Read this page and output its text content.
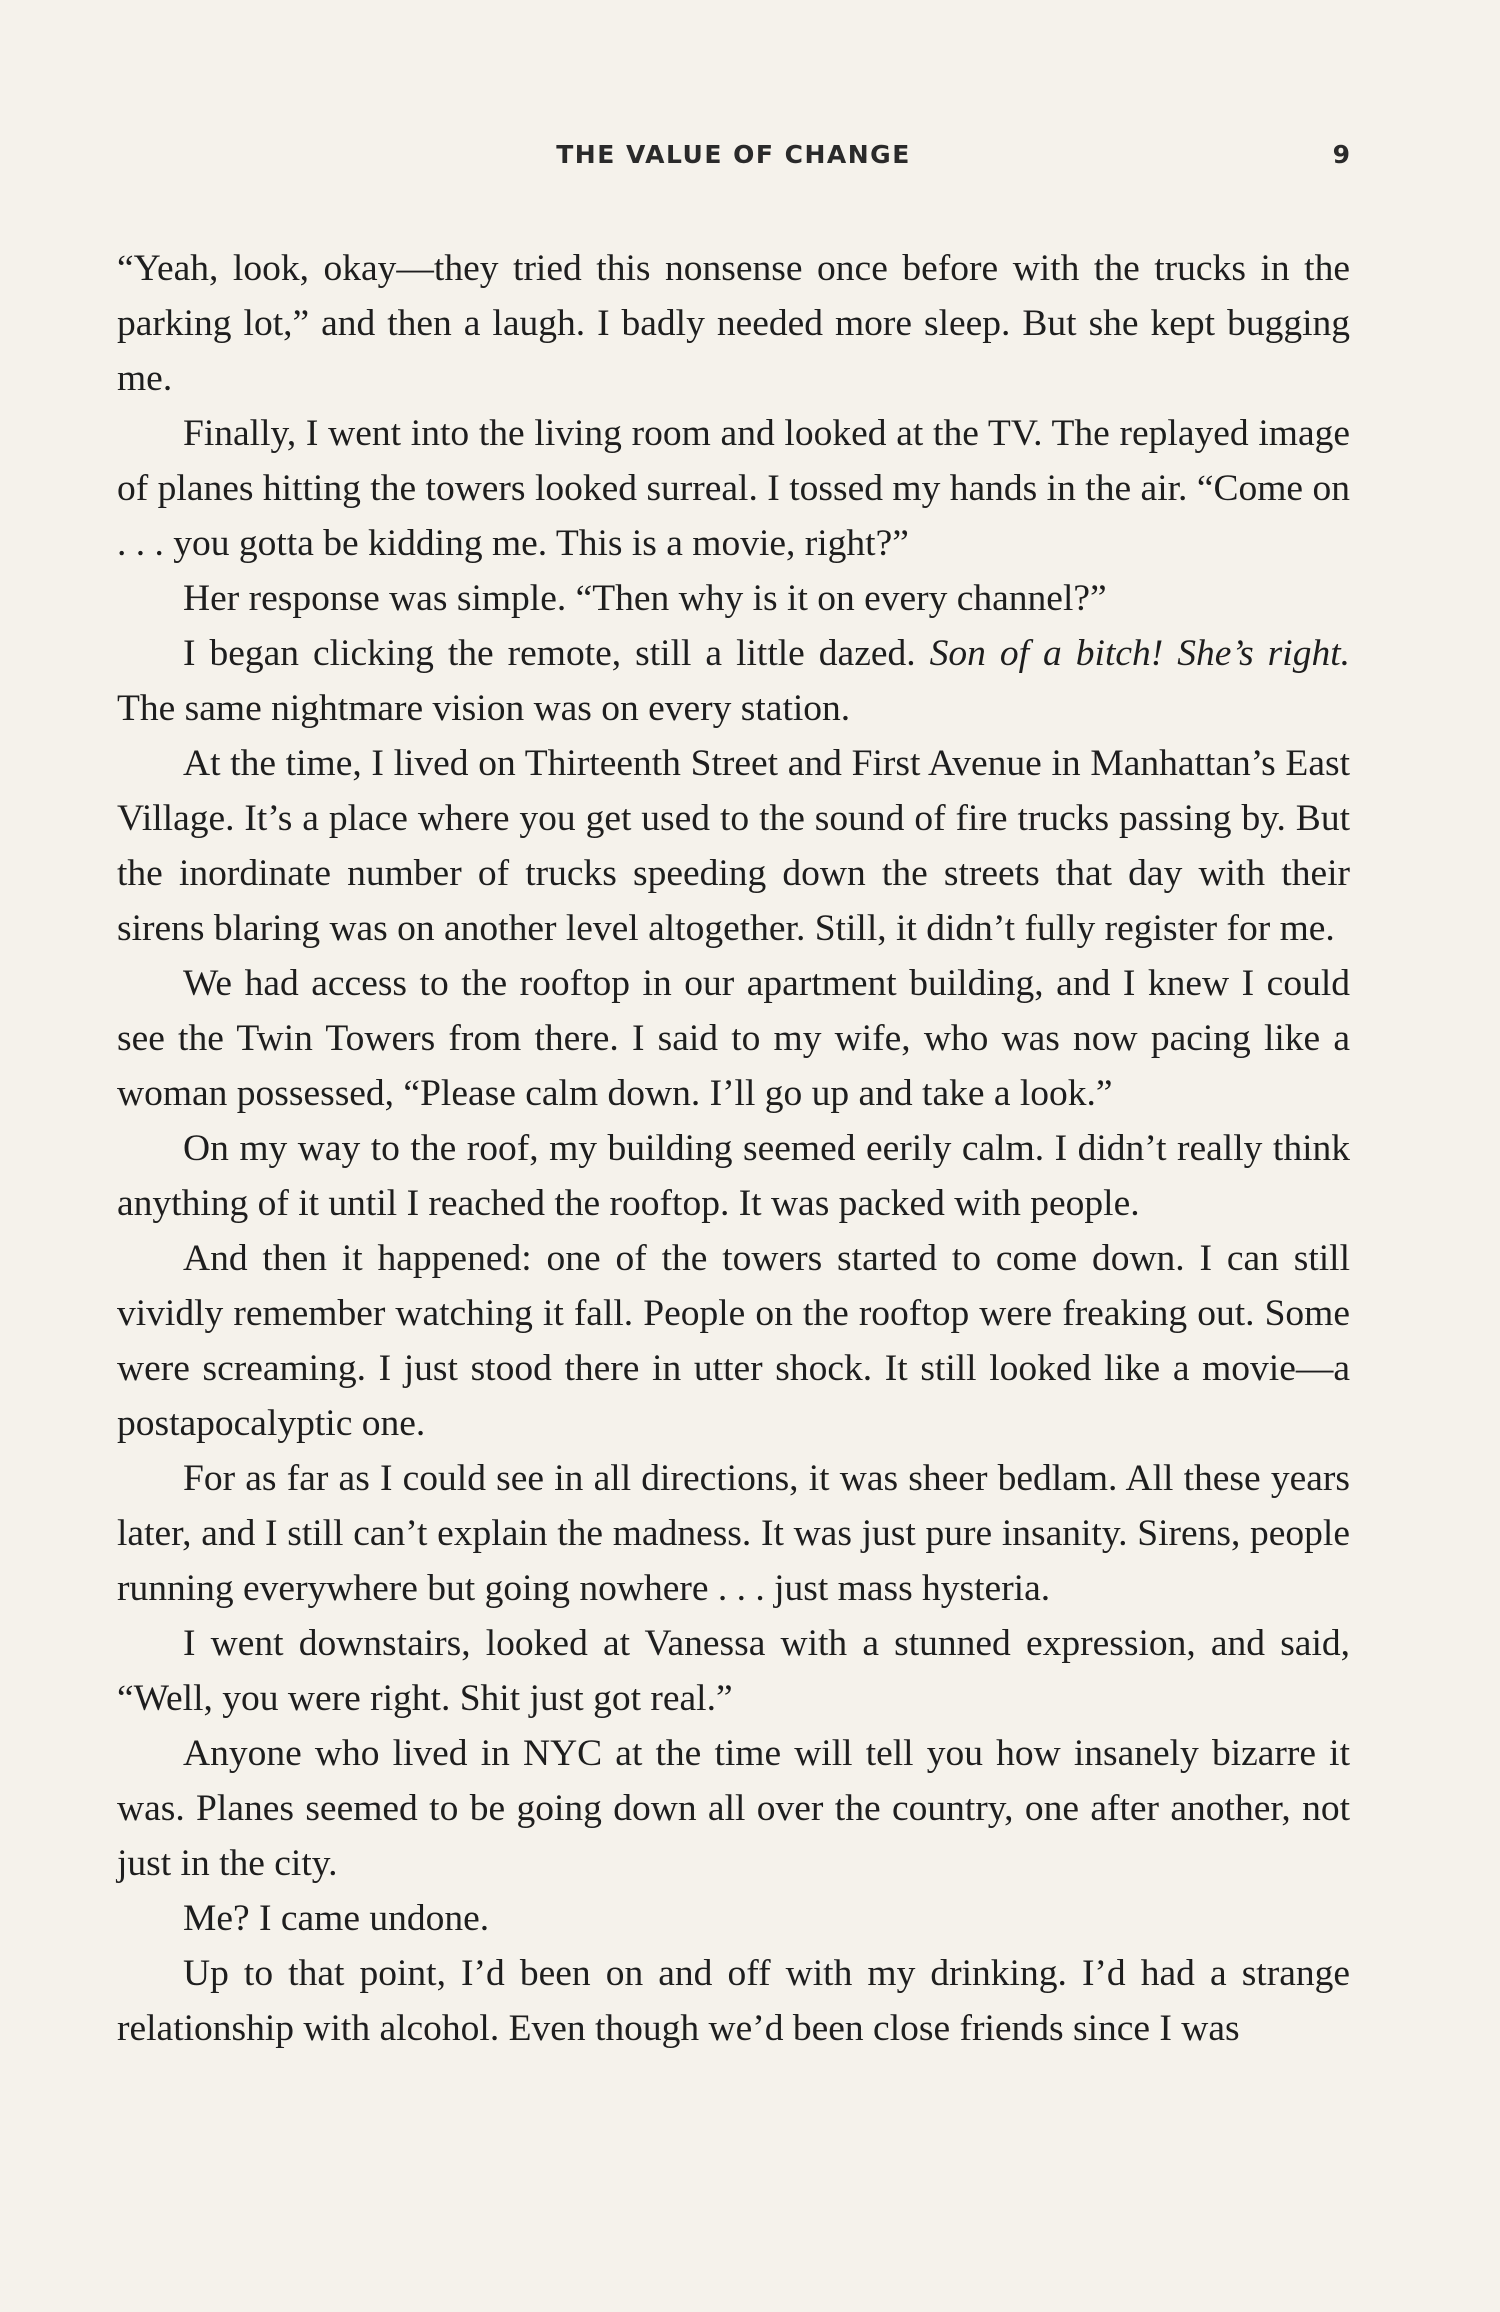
THE VALUE OF CHANGE	9

“Yeah, look, okay—they tried this nonsense once before with the trucks in the parking lot,” and then a laugh. I badly needed more sleep. But she kept bugging me.

Finally, I went into the living room and looked at the TV. The replayed image of planes hitting the towers looked surreal. I tossed my hands in the air. “Come on . . . you gotta be kidding me. This is a movie, right?”

Her response was simple. “Then why is it on every channel?”

I began clicking the remote, still a little dazed. Son of a bitch! She’s right. The same nightmare vision was on every station.

At the time, I lived on Thirteenth Street and First Avenue in Manhattan’s East Village. It’s a place where you get used to the sound of fire trucks passing by. But the inordinate number of trucks speeding down the streets that day with their sirens blaring was on another level altogether. Still, it didn’t fully register for me.

We had access to the rooftop in our apartment building, and I knew I could see the Twin Towers from there. I said to my wife, who was now pacing like a woman possessed, “Please calm down. I’ll go up and take a look.”

On my way to the roof, my building seemed eerily calm. I didn’t really think anything of it until I reached the rooftop. It was packed with people.

And then it happened: one of the towers started to come down. I can still vividly remember watching it fall. People on the rooftop were freaking out. Some were screaming. I just stood there in utter shock. It still looked like a movie—a postapocalyptic one.

For as far as I could see in all directions, it was sheer bedlam. All these years later, and I still can’t explain the madness. It was just pure insanity. Sirens, people running everywhere but going nowhere . . . just mass hysteria.

I went downstairs, looked at Vanessa with a stunned expression, and said, “Well, you were right. Shit just got real.”

Anyone who lived in NYC at the time will tell you how insanely bizarre it was. Planes seemed to be going down all over the country, one after another, not just in the city.

Me? I came undone.

Up to that point, I’d been on and off with my drinking. I’d had a strange relationship with alcohol. Even though we’d been close friends since I was
